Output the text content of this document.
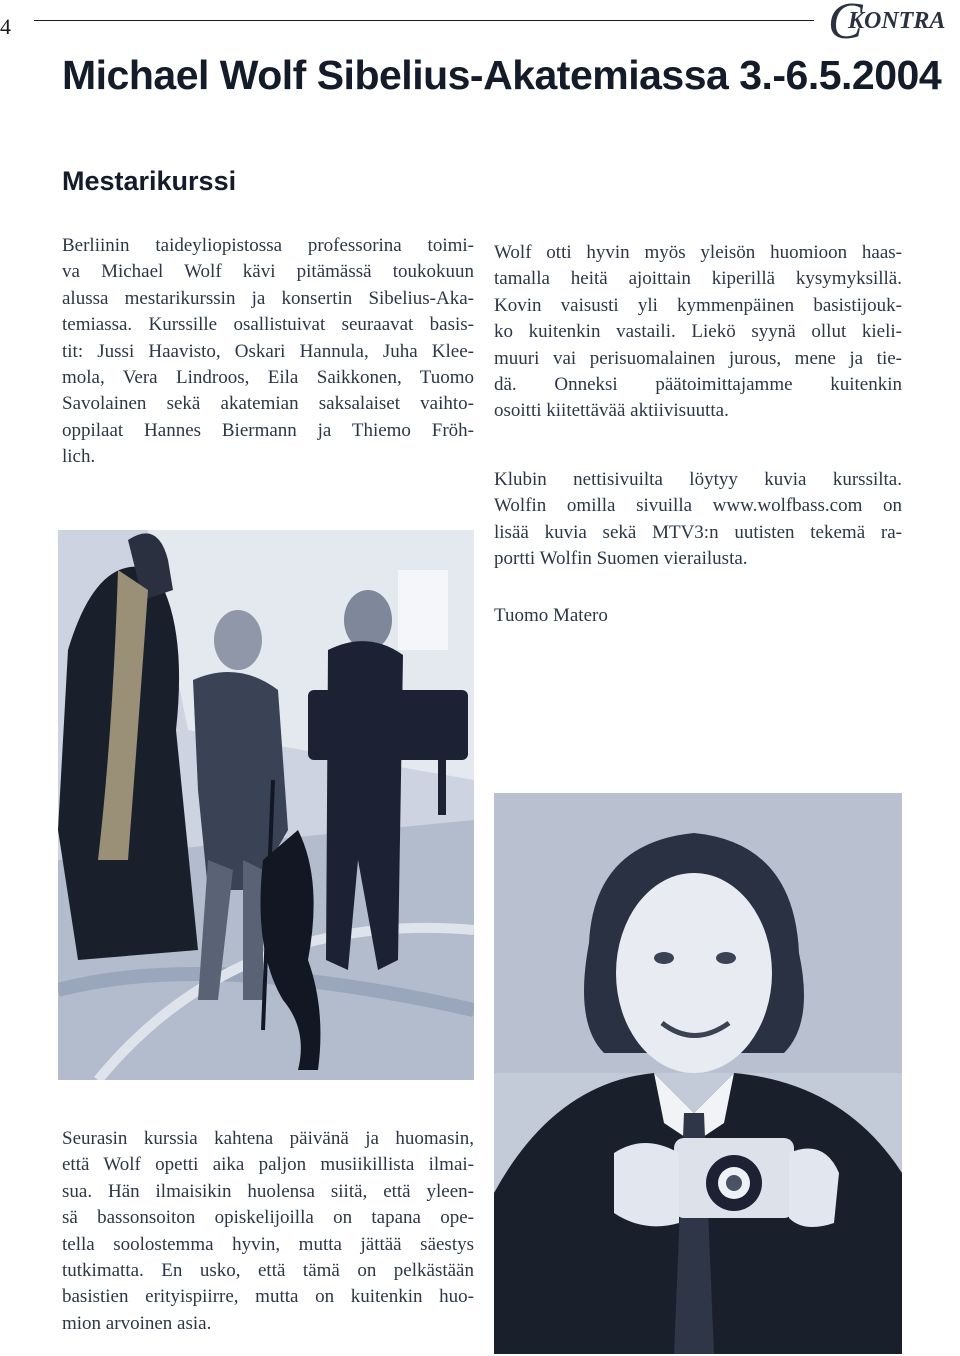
4	C
KONTRA
Michael Wolf Sibelius-Akatemiassa 3.-6.5.2004
Mestarikurssi

Berliinin taideyliopistossa professorina toimi-
va Michael Wolf kävi pitämässä toukokuun
alussa mestarikurssin ja konsertin Sibelius-Aka-
temiassa. Kurssille osallistuivat seuraavat basis-
tit: Jussi Haavisto, Oskari Hannula, Juha Klee-
mola, Vera Lindroos, Eila Saikkonen, Tuomo
Savolainen sekä akatemian saksalaiset vaihto-
oppilaat Hannes Biermann ja Thiemo Fröh-
lich.

Wolf otti hyvin myös yleisön huomioon haas-
tamalla heitä ajoittain kiperillä kysymyksillä.
Kovin vaisusti yli kymmenpäinen basistijouk-
ko kuitenkin vastaili. Liekö syynä ollut kieli-
muuri vai perisuomalainen jurous, mene ja tie-
dä. Onneksi päätoimittajamme kuitenkin
osoitti kiitettävää aktiivisuutta.

Klubin nettisivuilta löytyy kuvia kurssilta.
Wolfin omilla sivuilla www.wolfbass.com on
lisää kuvia sekä MTV3:n uutisten tekemä ra-
portti Wolfin Suomen vierailusta.

Tuomo Matero

Seurasin kurssia kahtena päivänä ja huomasin,
että Wolf opetti aika paljon musiikillista ilmai-
sua. Hän ilmaisikin huolensa siitä, että yleen-
sä bassonsoiton opiskelijoilla on tapana ope-
tella soolostemma hyvin, mutta jättää säestys
tutkimatta. En usko, että tämä on pelkästään
basistien erityispiirre, mutta on kuitenkin huo-
mion arvoinen asia.
